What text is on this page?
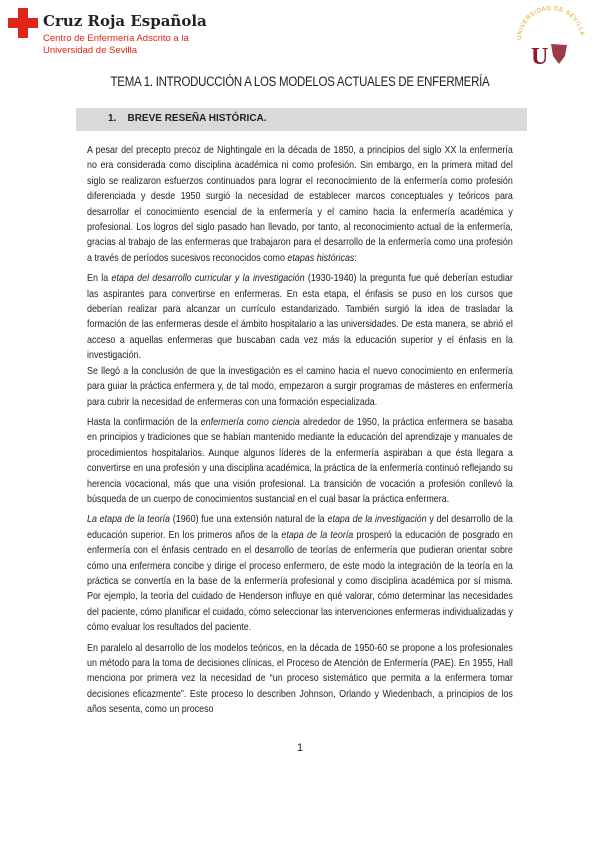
Cruz Roja Española
Centro de Enfermería Adscrito a la
Universidad de Sevilla
UNIVERSIDAD DE SEVILLA
U
TEMA 1. INTRODUCCIÓN A LOS MODELOS ACTUALES DE ENFERMERÍA
1. BREVE RESEÑA HISTÓRICA.

A pesar del precepto precoz de Nightingale en la década de 1850, a principios del siglo XX la enfermería no era considerada como disciplina académica ni como profesión. Sin embargo, en la primera mitad del siglo se realizaron esfuerzos continuados para lograr el reconocimiento de la enfermería como profesión diferenciada y desde 1950 surgió la necesidad de establecer marcos conceptuales y teóricos para desarrollar el conocimiento esencial de la enfermería y el camino hacia la enfermería académica y profesional. Los logros del siglo pasado han llevado, por tanto, al reconocimiento actual de la enfermería, gracias al trabajo de las enfermeras que trabajaron para el desarrollo de la enfermería como una profesión a través de períodos sucesivos reconocidos como etapas históricas:

En la etapa del desarrollo curricular y la investigación (1930-1940) la pregunta fue qué deberían estudiar las aspirantes para convertirse en enfermeras. En esta etapa, el énfasis se puso en los cursos que deberían realizar para alcanzar un currículo estandarizado. También surgió la idea de trasladar la formación de las enfermeras desde el ámbito hospitalario a las universidades. De esta manera, se abrió el acceso a aquellas enfermeras que buscaban cada vez más la educación superior y el énfasis en la investigación.

Se llegó a la conclusión de que la investigación es el camino hacia el nuevo conocimiento en enfermería para guiar la práctica enfermera y, de tal modo, empezaron a surgir programas de másteres en enfermería para cubrir la necesidad de enfermeras con una formación especializada.

Hasta la confirmación de la enfermería como ciencia alrededor de 1950, la práctica enfermera se basaba en principios y tradiciones que se habían mantenido mediante la educación del aprendizaje y manuales de procedimientos hospitalarios. Aunque algunos líderes de la enfermería aspiraban a que ésta llegara a convertirse en una profesión y una disciplina académica, la práctica de la enfermería continuó reflejando su herencia vocacional, más que una visión profesional. La transición de vocación a profesión conllevó la búsqueda de un cuerpo de conocimientos sustancial en el cual basar la práctica enfermera.

La etapa de la teoría (1960) fue una extensión natural de la etapa de la investigación y del desarrollo de la educación superior. En los primeros años de la etapa de la teoría prosperó la educación de posgrado en enfermería con el énfasis centrado en el desarrollo de teorías de enfermería que pudieran orientar sobre cómo una enfermera concibe y dirige el proceso enfermero, de este modo la integración de la teoría en la práctica se convertía en la base de la enfermería profesional y como disciplina académica por sí misma. Por ejemplo, la teoría del cuidado de Henderson influye en qué valorar, cómo determinar las necesidades del paciente, cómo planificar el cuidado, cómo seleccionar las intervenciones enfermeras individualizadas y cómo evaluar los resultados del paciente.

En paralelo al desarrollo de los modelos teóricos, en la década de 1950-60 se propone a los profesionales un método para la toma de decisiones clínicas, el Proceso de Atención de Enfermería (PAE). En 1955, Hall menciona por primera vez la necesidad de “un proceso sistemático que permita a la enfermera tomar decisiones eficazmente”. Este proceso lo describen Johnson, Orlando y Wiedenbach, a principios de los años sesenta, como un proceso

1
